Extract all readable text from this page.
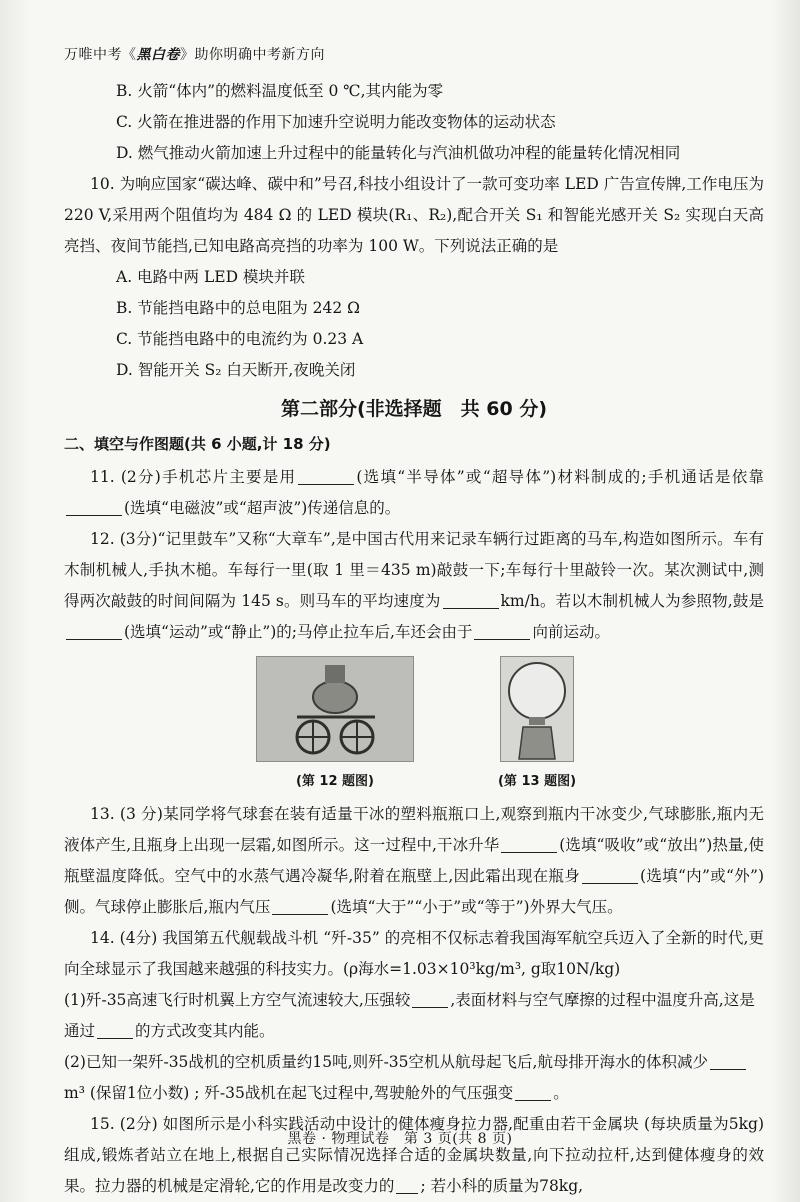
万唯中考《黑白卷》助你明确中考新方向

B. 火箭“体内”的燃料温度低至 0 ℃,其内能为零

C. 火箭在推进器的作用下加速升空说明力能改变物体的运动状态

D. 燃气推动火箭加速上升过程中的能量转化与汽油机做功冲程的能量转化情况相同

10. 为响应国家“碳达峰、碳中和”号召,科技小组设计了一款可变功率 LED 广告宣传牌,工作电压为 220 V,采用两个阻值均为 484 Ω 的 LED 模块(R₁、R₂),配合开关 S₁ 和智能光感开关 S₂ 实现白天高亮挡、夜间节能挡,已知电路高亮挡的功率为 100 W。下列说法正确的是

A. 电路中两 LED 模块并联

B. 节能挡电路中的总电阻为 242 Ω

C. 节能挡电路中的电流约为 0.23 A

D. 智能开关 S₂ 白天断开,夜晚关闭

第二部分(非选择题　共 60 分)
二、填空与作图题(共 6 小题,计 18 分)

11. (2分)手机芯片主要是用	(选填“半导体”或“超导体”)材料制成的;手机通话是依靠(选填“电磁波”或“超声波”)传递信息的。

12. (3分)“记里鼓车”又称“大章车”,是中国古代用来记录车辆行过距离的马车,构造如图所示。车有木制机械人,手执木槌。车每行一里(取 1 里＝435 m)敲鼓一下;车每行十里敲铃一次。某次测试中,测得两次敲鼓的时间间隔为 145 s。则马车的平均速度为	km/h。若以木制机械人为参照物,鼓是(选填“运动”或“静止”)的;马停止拉车后,车还会由于	向前运动。

(第 12 题图)	(第 13 题图)

13. (3 分)某同学将气球套在装有适量干冰的塑料瓶瓶口上,观察到瓶内干冰变少,气球膨胀,瓶内无液体产生,且瓶身上出现一层霜,如图所示。这一过程中,干冰升华	(选填“吸收”或“放出”)热量,使瓶壁温度降低。空气中的水蒸气遇冷凝华,附着在瓶壁上,因此霜出现在瓶身	(选填“内”或“外”)侧。气球停止膨胀后,瓶内气压	(选填“大于”“小于”或“等于”)外界大气压。

14. (4分) 我国第五代舰载战斗机 “歼-35” 的亮相不仅标志着我国海军航空兵迈入了全新的时代,更向全球显示了我国越来越强的科技实力。(ρ海水=1.03×10³kg/m³, g取10N/kg)

(1)歼-35高速飞行时机翼上方空气流速较大,压强较	,表面材料与空气摩擦的过程中温度升高,这是通过	的方式改变其内能。

(2)已知一架歼-35战机的空机质量约15吨,则歼-35空机从航母起飞后,航母排开海水的体积减少m³ (保留1位小数) ; 歼-35战机在起飞过程中,驾驶舱外的气压强变	。

15. (2分) 如图所示是小科实践活动中设计的健体瘦身拉力器,配重由若干金属块 (每块质量为5kg) 组成,锻炼者站立在地上,根据自己实际情况选择合适的金属块数量,向下拉动拉杆,达到健体瘦身的效果。拉力器的机械是定滑轮,它的作用是改变力的 ; 若小科的质量为78kg,

黑卷 · 物理试卷　第 3 页(共 8 页)
